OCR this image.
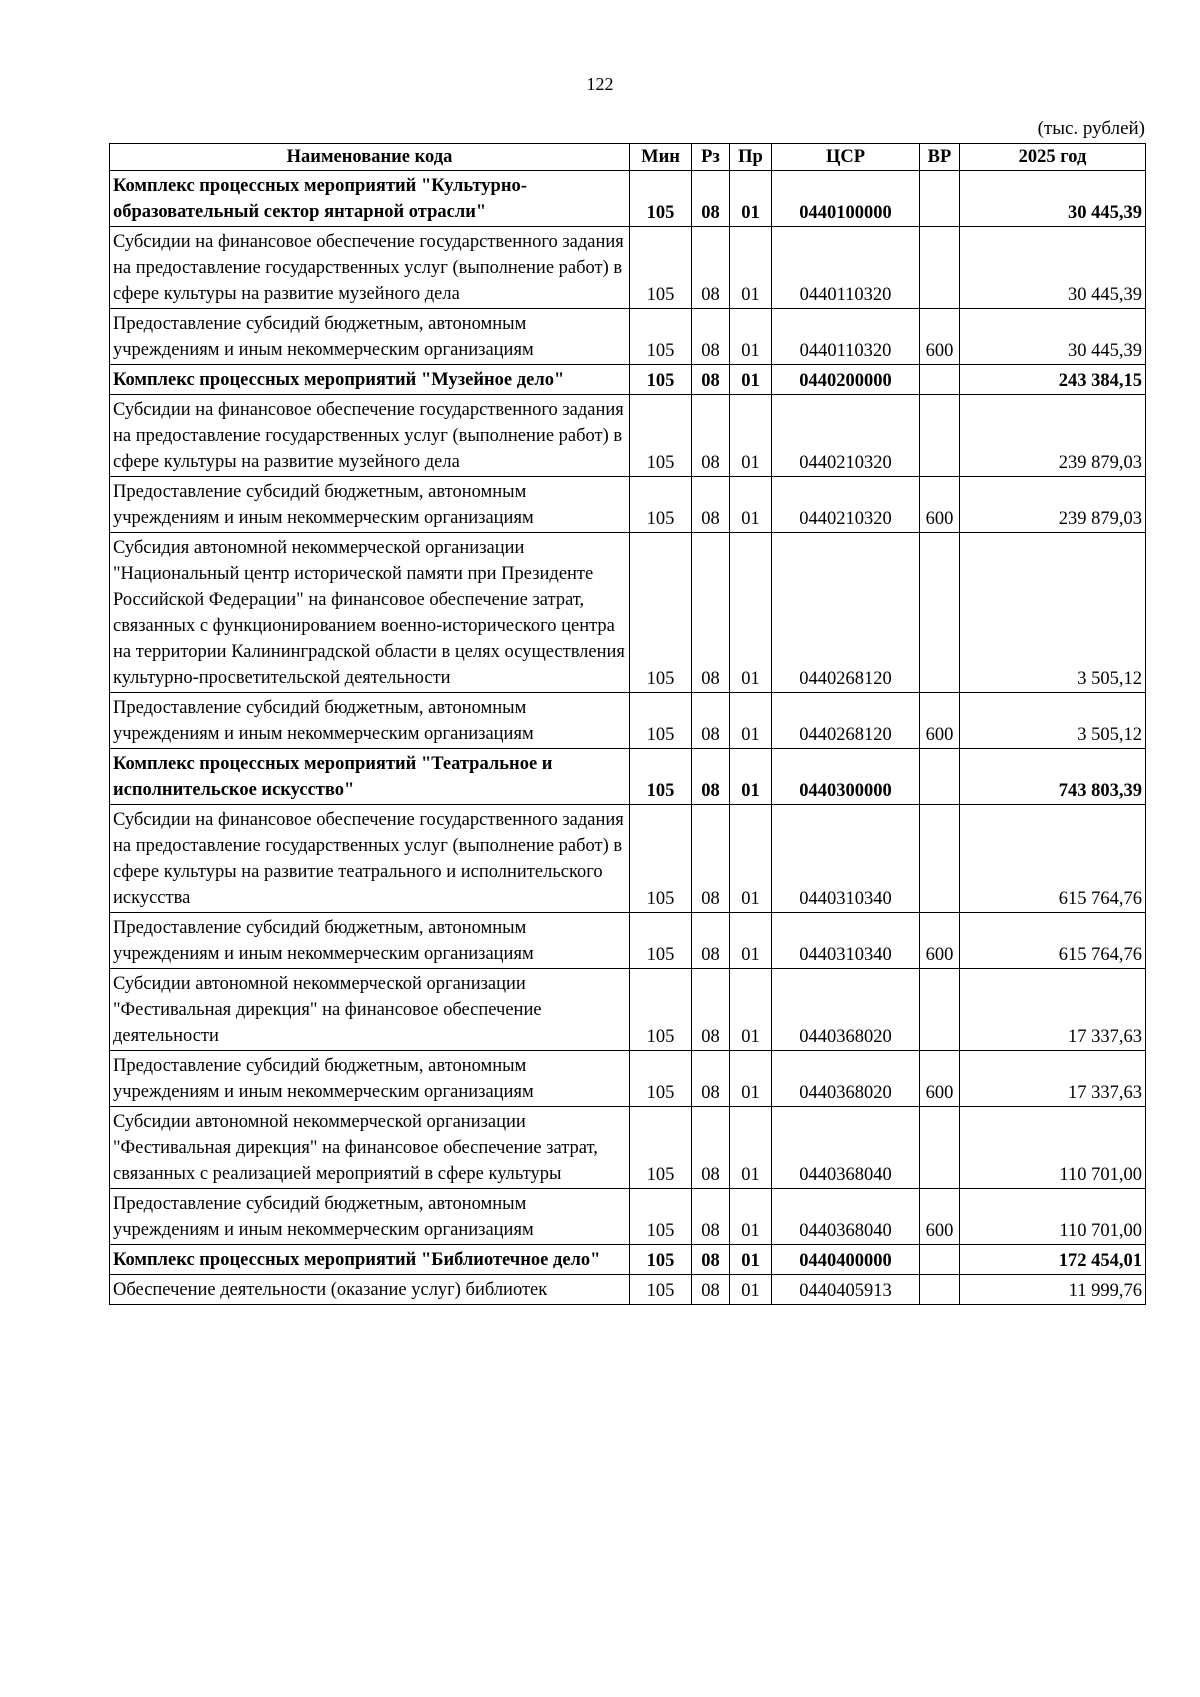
122
(тыс. рублей)
Наименование кода	Мин	Рз	Пр	ЦСР	ВР	2025 год
Комплекс процессных мероприятий "Культурно-образовательный сектор янтарной отрасли"	105	08	01	0440100000		30 445,39
Субсидии на финансовое обеспечение государственного задания на предоставление государственных услуг (выполнение работ) в сфере культуры на развитие музейного дела	105	08	01	0440110320		30 445,39
Предоставление субсидий бюджетным, автономным учреждениям и иным некоммерческим организациям	105	08	01	0440110320	600	30 445,39
Комплекс процессных мероприятий "Музейное дело"	105	08	01	0440200000		243 384,15
Субсидии на финансовое обеспечение государственного задания на предоставление государственных услуг (выполнение работ) в сфере культуры на развитие музейного дела	105	08	01	0440210320		239 879,03
Предоставление субсидий бюджетным, автономным учреждениям и иным некоммерческим организациям	105	08	01	0440210320	600	239 879,03
Субсидия автономной некоммерческой организации "Национальный центр исторической памяти при Президенте Российской Федерации" на финансовое обеспечение затрат, связанных с функционированием военно-исторического центра на территории Калининградской области в целях осуществления культурно-просветительской деятельности	105	08	01	0440268120		3 505,12
Предоставление субсидий бюджетным, автономным учреждениям и иным некоммерческим организациям	105	08	01	0440268120	600	3 505,12
Комплекс процессных мероприятий "Театральное и исполнительское искусство"	105	08	01	0440300000		743 803,39
Субсидии на финансовое обеспечение государственного задания на предоставление государственных услуг (выполнение работ) в сфере культуры на развитие театрального и исполнительского искусства	105	08	01	0440310340		615 764,76
Предоставление субсидий бюджетным, автономным учреждениям и иным некоммерческим организациям	105	08	01	0440310340	600	615 764,76
Субсидии автономной некоммерческой организации "Фестивальная дирекция" на финансовое обеспечение деятельности	105	08	01	0440368020		17 337,63
Предоставление субсидий бюджетным, автономным учреждениям и иным некоммерческим организациям	105	08	01	0440368020	600	17 337,63
Субсидии автономной некоммерческой организации "Фестивальная дирекция" на финансовое обеспечение затрат, связанных с реализацией мероприятий в сфере культуры	105	08	01	0440368040		110 701,00
Предоставление субсидий бюджетным, автономным учреждениям и иным некоммерческим организациям	105	08	01	0440368040	600	110 701,00
Комплекс процессных мероприятий "Библиотечное дело"	105	08	01	0440400000		172 454,01
Обеспечение деятельности (оказание услуг) библиотек	105	08	01	0440405913		11 999,76
